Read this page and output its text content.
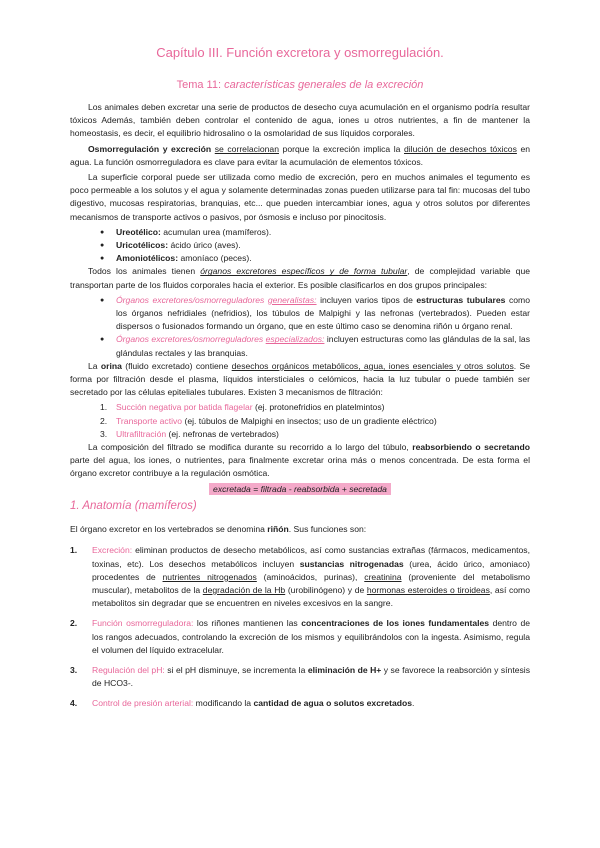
Capítulo III. Función excretora y osmorregulación.
Tema 11: características generales de la excreción

Los animales deben excretar una serie de productos de desecho cuya acumulación en el organismo podría resultar tóxicos Además, también deben controlar el contenido de agua, iones u otros nutrientes, a fin de mantener la homeostasis, es decir, el equilibrio hidrosalino o la osmolaridad de sus líquidos corporales.

Osmorregulación y excreción se correlacionan porque la excreción implica la dilución de desechos tóxicos en agua. La función osmorreguladora es clave para evitar la acumulación de elementos tóxicos.

La superficie corporal puede ser utilizada como medio de excreción, pero en muchos animales el tegumento es poco permeable a los solutos y el agua y solamente determinadas zonas pueden utilizarse para tal fin: mucosas del tubo digestivo, mucosas respiratorias, branquias, etc... que pueden intercambiar iones, agua y otros solutos por diferentes mecanismos de transporte activos o pasivos, por ósmosis e incluso por pinocitosis.

● Ureotélico: acumulan urea (mamíferos).
● Uricotélicos: ácido úrico (aves).
● Amoniotélicos: amoníaco (peces).

Todos los animales tienen órganos excretores específicos y de forma tubular, de complejidad variable que transportan parte de los fluidos corporales hacia el exterior. Es posible clasificarlos en dos grupos principales:

● Órganos excretores/osmorreguladores generalistas: incluyen varios tipos de estructuras tubulares como los órganos nefridiales (nefridios), los túbulos de Malpighi y las nefronas (vertebrados). Pueden estar dispersos o fusionados formando un órgano, que en este último caso se denomina riñón u órgano renal.
● Órganos excretores/osmorreguladores especializados: incluyen estructuras como las glándulas de la sal, las glándulas rectales y las branquias.

La orina (fluido excretado) contiene desechos orgánicos metabólicos, agua, iones esenciales y otros solutos. Se forma por filtración desde el plasma, líquidos intersticiales o celómicos, hacia la luz tubular o puede también ser secretado por las células epiteliales tubulares. Existen 3 mecanismos de filtración:

1. Succión negativa por batida flagelar (ej. protonefridios en platelmintos)
2. Transporte activo (ej. túbulos de Malpighi en insectos; uso de un gradiente eléctrico)
3. Ultrafiltración (ej. nefronas de vertebrados)

La composición del filtrado se modifica durante su recorrido a lo largo del túbulo, reabsorbiendo o secretando parte del agua, los iones, o nutrientes, para finalmente excretar orina más o menos concentrada. De esta forma el órgano excretor contribuye a la regulación osmótica.

excretada = filtrada - reabsorbida + secretada
1. Anatomía (mamíferos)

El órgano excretor en los vertebrados se denomina riñón. Sus funciones son:

1. Excreción: eliminan productos de desecho metabólicos, así como sustancias extrañas (fármacos, medicamentos, toxinas, etc). Los desechos metabólicos incluyen sustancias nitrogenadas (urea, ácido úrico, amoniaco) procedentes de nutrientes nitrogenados (aminoácidos, purinas), creatinina (proveniente del metabolismo muscular), metabolitos de la degradación de la Hb (urobilinógeno) y de hormonas esteroides o tiroideas, así como metabolitos sin degradar que se encuentren en niveles excesivos en la sangre.
2. Función osmorreguladora: los riñones mantienen las concentraciones de los iones fundamentales dentro de los rangos adecuados, controlando la excreción de los mismos y equilibrándolos con la ingesta. Asimismo, regula el volumen del líquido extracelular.
3. Regulación del pH: si el pH disminuye, se incrementa la eliminación de H+ y se favorece la reabsorción y síntesis de HCO3-.
4. Control de presión arterial: modificando la cantidad de agua o solutos excretados.
